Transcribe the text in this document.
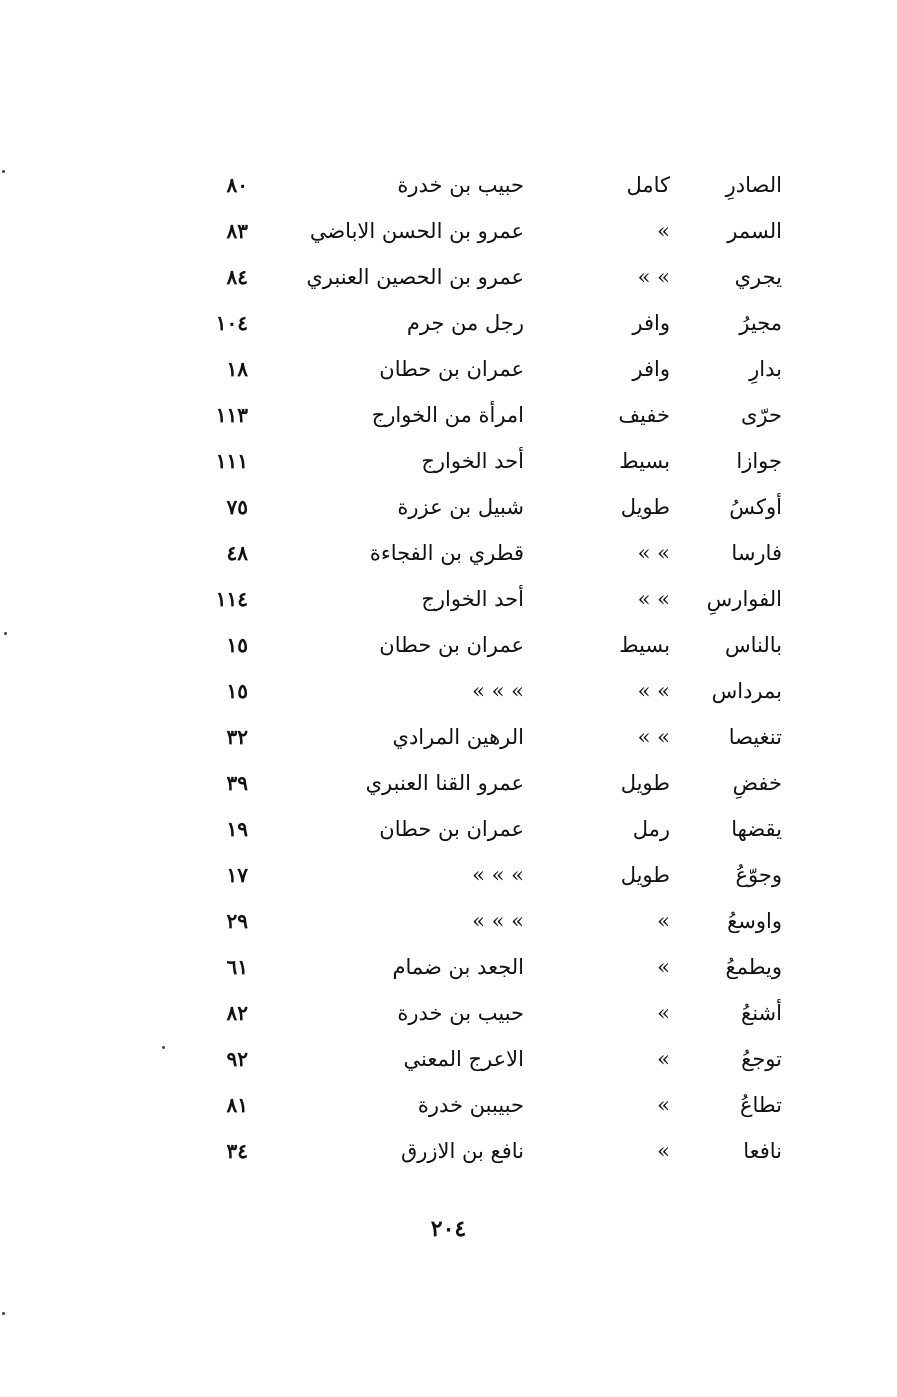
الصادرِ
كامل
حبيب بن خدرة
٨٠
السمر
»
عمرو بن الحسن الاباضي
٨٣
يجري
» »
عمرو بن الحصين العنبري
٨٤
مجيرُ
وافر
رجل من جرم
١٠٤
بدارِ
وافر
عمران بن حطان
١٨
حرّى
خفيف
امرأة من الخوارج
١١٣
جوازا
بسيط
أحد الخوارج
١١١
أوكسُ
طويل
شبيل بن عزرة
٧٥
فارسا
» »
قطري بن الفجاءة
٤٨
الفوارسِ
» »
أحد الخوارج
١١٤
بالناس
بسيط
عمران بن حطان
١٥
بمرداس
» »
» » »
١٥
تنغيصا
» »
الرهين المرادي
٣٢
خفضِ
طويل
عمرو القنا العنبري
٣٩
يقضها
رمل
عمران بن حطان
١٩
وجوّعُ
طويل
» » »
١٧
واوسعُ
»
» » »
٢٩
ويطمعُ
»
الجعد بن ضمام
٦١
أشنعُ
»
حبيب بن خدرة
٨٢
توجعُ
»
الاعرج المعني
٩٢
تطاعُ
»
حبيببن خدرة
٨١
نافعا
»
نافع بن الازرق
٣٤
٢٠٤
